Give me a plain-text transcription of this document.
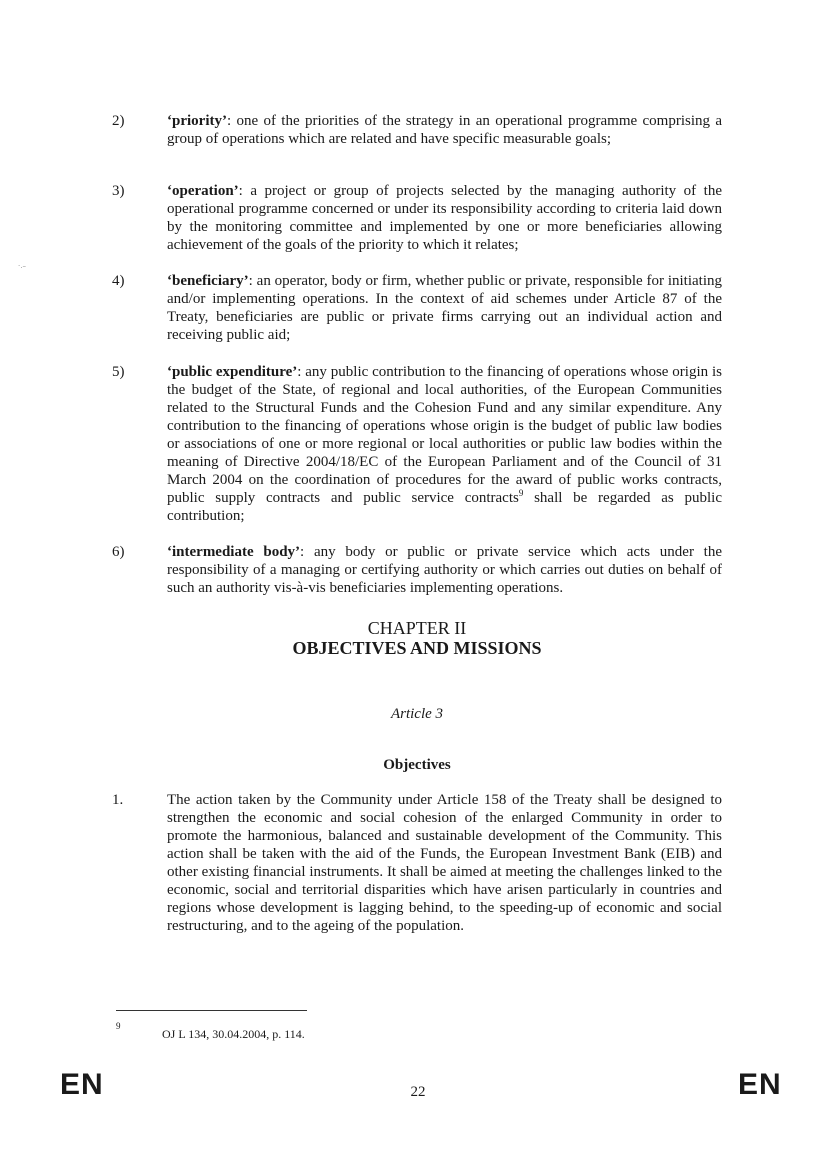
·.–
2)	‘priority’: one of the priorities of the strategy in an operational programme comprising a group of operations which are related and have specific measurable goals;
3)	‘operation’: a project or group of projects selected by the managing authority of the operational programme concerned or under its responsibility according to criteria laid down by the monitoring committee and implemented by one or more beneficiaries allowing achievement of the goals of the priority to which it relates;
4)	‘beneficiary’: an operator, body or firm, whether public or private, responsible for initiating and/or implementing operations. In the context of aid schemes under Article 87 of the Treaty, beneficiaries are public or private firms carrying out an individual action and receiving public aid;
5)	‘public expenditure’: any public contribution to the financing of operations whose origin is the budget of the State, of regional and local authorities, of the European Communities related to the Structural Funds and the Cohesion Fund and any similar expenditure. Any contribution to the financing of operations whose origin is the budget of public law bodies or associations of one or more regional or local authorities or public law bodies within the meaning of Directive 2004/18/EC of the European Parliament and of the Council of 31 March 2004 on the coordination of procedures for the award of public works contracts, public supply contracts and public service contracts$^9$ shall be regarded as public contribution;
6)	‘intermediate body’: any body or public or private service which acts under the responsibility of a managing or certifying authority or which carries out duties on behalf of such an authority vis-à-vis beneficiaries implementing operations.
CHAPTER II
OBJECTIVES AND MISSIONS
Article 3
Objectives
1.	The action taken by the Community under Article 158 of the Treaty shall be designed to strengthen the economic and social cohesion of the enlarged Community in order to promote the harmonious, balanced and sustainable development of the Community. This action shall be taken with the aid of the Funds, the European Investment Bank (EIB) and other existing financial instruments. It shall be aimed at meeting the challenges linked to the economic, social and territorial disparities which have arisen particularly in countries and regions whose development is lagging behind, to the speeding-up of economic and social restructuring, and to the ageing of the population.
9
OJ L 134, 30.04.2004, p. 114.
EN	22	EN
